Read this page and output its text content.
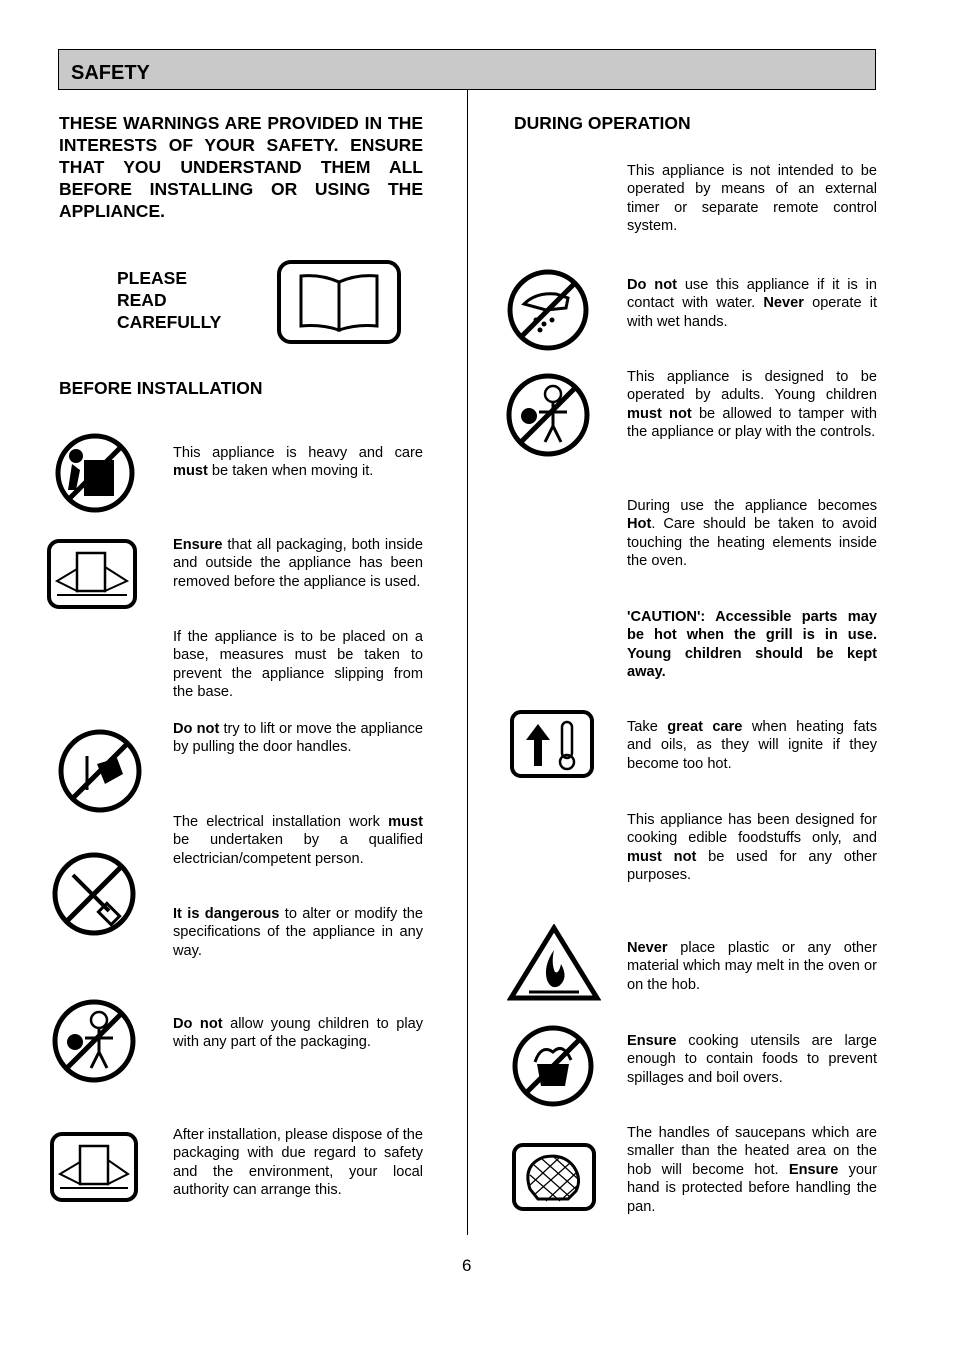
SAFETY
THESE WARNINGS ARE PROVIDED IN THE INTERESTS OF YOUR SAFETY. ENSURE THAT YOU UNDERSTAND THEM ALL BEFORE INSTALLING OR USING THE APPLIANCE.
PLEASE
READ
CAREFULLY
BEFORE INSTALLATION
This appliance is heavy and care must be taken when moving it.
Ensure that all packaging, both inside and outside the appliance has been removed before the appliance is used.
If the appliance is to be placed on a base, measures must be taken to prevent the appliance slipping from the base.
Do not try to lift or move the appliance by pulling the door handles.
The electrical installation work must be undertaken by a qualified electrician/competent person.
It is dangerous to alter or modify the specifications of the appliance in any way.
Do not allow young children to play with any part of the packaging.
After installation, please dispose of the packaging with due regard to safety and the environment, your local authority can arrange this.
DURING OPERATION
This appliance is not intended to be operated by means of an external timer or separate remote control system.
Do not use this appliance if it is in contact with water. Never operate it with wet hands.
This appliance is designed to be operated by adults. Young children must not be allowed to tamper with the appliance or play with the controls.
During use the appliance becomes Hot. Care should be taken to avoid touching the heating elements inside the oven.
'CAUTION': Accessible parts may be hot when the grill is in use. Young children should be kept away.
Take great care when heating fats and oils, as they will ignite if they become too hot.
This appliance has been designed for cooking edible foodstuffs only, and must not be used for any other purposes.
Never place plastic or any other material which may melt in the oven or on the hob.
Ensure cooking utensils are large enough to contain foods to prevent spillages and boil overs.
The handles of saucepans which are smaller than the heated area on the hob will become hot. Ensure your hand is protected before handling the pan.
6
